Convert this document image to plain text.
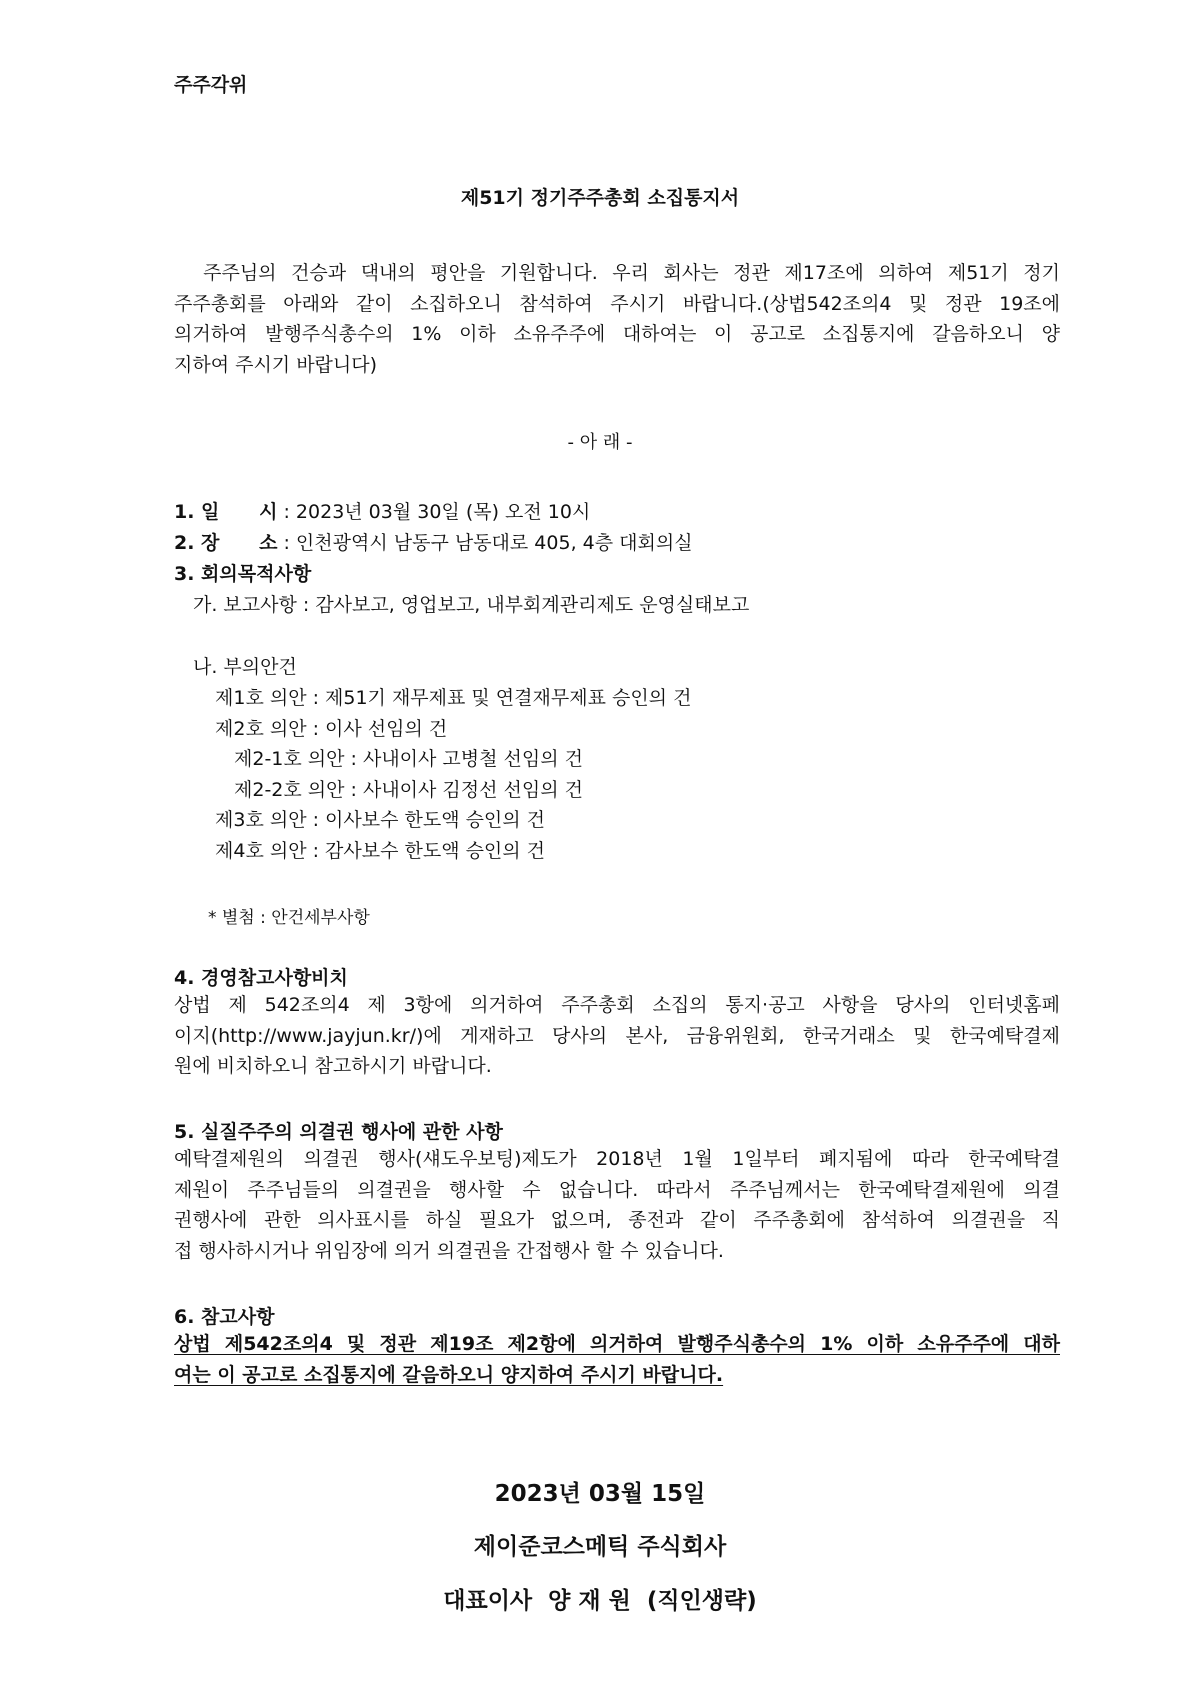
주주각위
제51기 정기주주총회 소집통지서
주주님의 건승과 댁내의 평안을 기원합니다. 우리 회사는 정관 제17조에 의하여 제51기 정기
주주총회를 아래와 같이 소집하오니 참석하여 주시기 바랍니다.(상법542조의4 및 정관 19조에
의거하여 발행주식총수의 1% 이하 소유주주에 대하여는 이 공고로 소집통지에 갈음하오니 양
지하여 주시기 바랍니다)
- 아 래 -
1. 일      시 : 2023년 03월 30일 (목) 오전 10시
2. 장      소 : 인천광역시 남동구 남동대로 405, 4층 대회의실
3. 회의목적사항
가. 보고사항 : 감사보고, 영업보고, 내부회계관리제도 운영실태보고
나. 부의안건
제1호 의안 : 제51기 재무제표 및 연결재무제표 승인의 건
제2호 의안 : 이사 선임의 건
제2-1호 의안 : 사내이사 고병철 선임의 건
제2-2호 의안 : 사내이사 김정선 선임의 건
제3호 의안 : 이사보수 한도액 승인의 건
제4호 의안 : 감사보수 한도액 승인의 건
* 별첨 : 안건세부사항
4. 경영참고사항비치
상법 제 542조의4 제 3항에 의거하여 주주총회 소집의 통지·공고 사항을 당사의 인터넷홈페
이지(http://www.jayjun.kr/)에 게재하고 당사의 본사, 금융위원회, 한국거래소 및 한국예탁결제
원에 비치하오니 참고하시기 바랍니다.
5. 실질주주의 의결권 행사에 관한 사항
예탁결제원의 의결권 행사(섀도우보팅)제도가 2018년 1월 1일부터 폐지됨에 따라 한국예탁결
제원이 주주님들의 의결권을 행사할 수 없습니다. 따라서 주주님께서는 한국예탁결제원에 의결
권행사에 관한 의사표시를 하실 필요가 없으며, 종전과 같이 주주총회에 참석하여 의결권을 직
접 행사하시거나 위임장에 의거 의결권을 간접행사 할 수 있습니다.
6. 참고사항
상법 제542조의4 및 정관 제19조 제2항에 의거하여 발행주식총수의 1% 이하 소유주주에 대하
여는 이 공고로 소집통지에 갈음하오니 양지하여 주시기 바랍니다.
2023년 03월 15일
제이준코스메틱 주식회사
대표이사  양 재 원  (직인생략)
